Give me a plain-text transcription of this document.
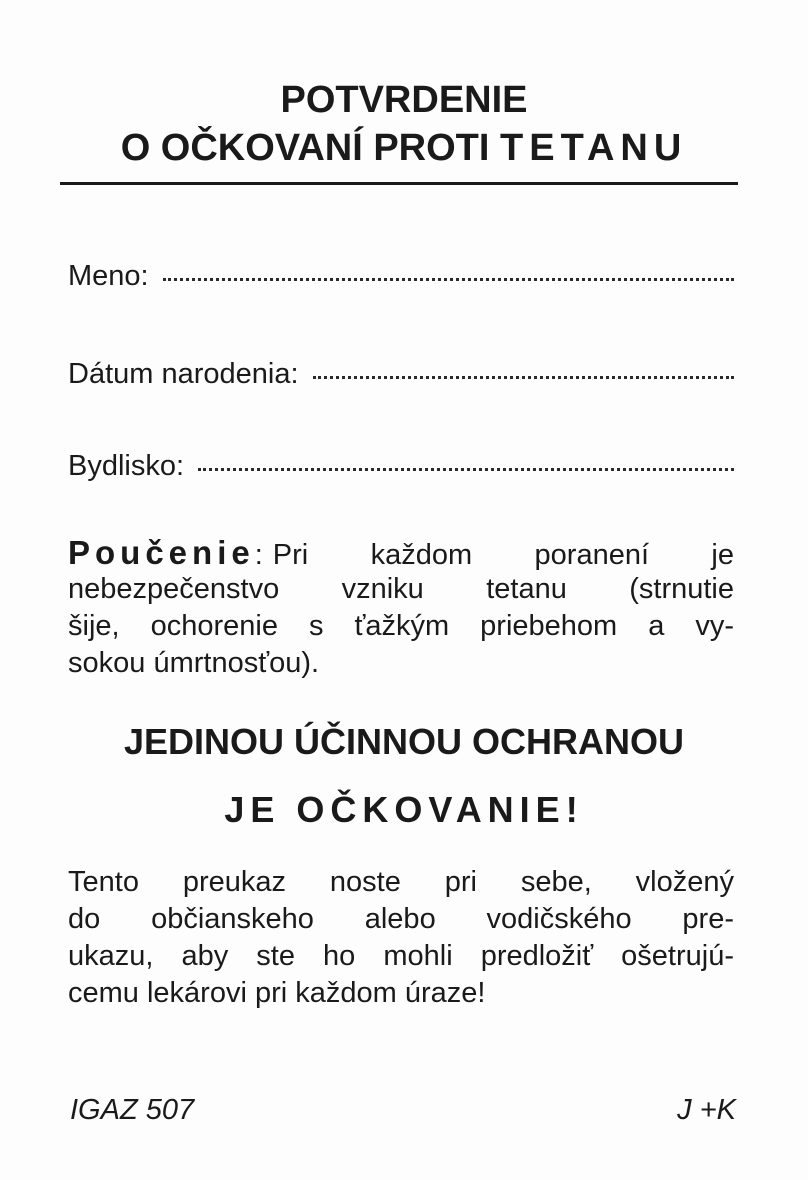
POTVRDENIE
O OČKOVANÍ PROTI TETANU
Meno:
Dátum narodenia:
Bydlisko:
Poučenie: Pri každom poranení je
nebezpečenstvo vzniku tetanu (strnutie
šije, ochorenie s ťažkým priebehom a vy-
sokou úmrtnosťou).
JEDINOU ÚČINNOU OCHRANOU
JE OČKOVANIE!
Tento preukaz noste pri sebe, vložený
do občianskeho alebo vodičského pre-
ukazu, aby ste ho mohli predložiť ošetrujú-
cemu lekárovi pri každom úraze!
IGAZ 507	J +K
